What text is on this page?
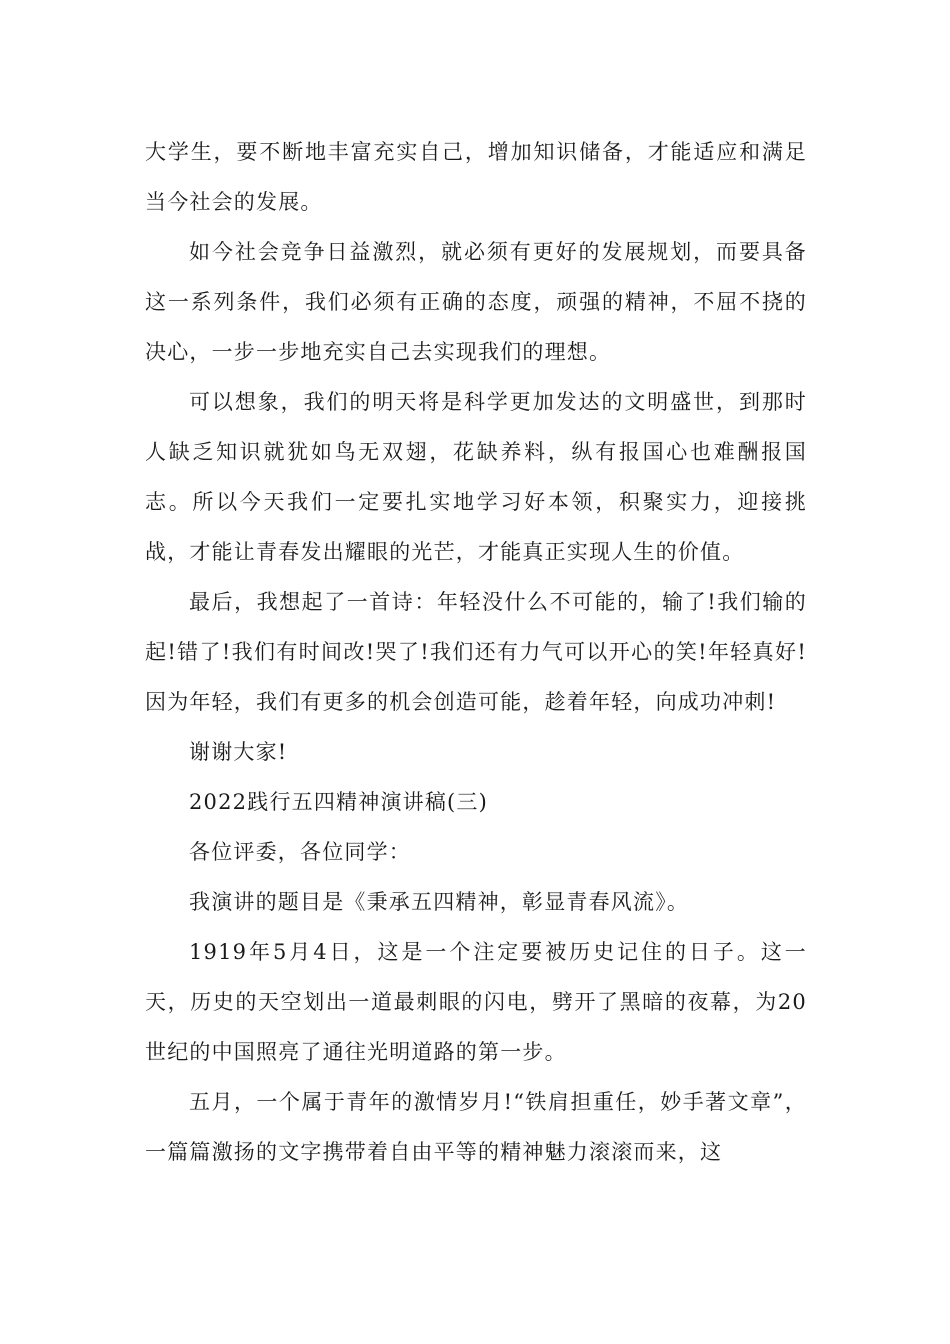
大学生，要不断地丰富充实自己，增加知识储备，才能适应和满足当今社会的发展。

如今社会竞争日益激烈，就必须有更好的发展规划，而要具备这一系列条件，我们必须有正确的态度，顽强的精神，不屈不挠的决心，一步一步地充实自己去实现我们的理想。

可以想象，我们的明天将是科学更加发达的文明盛世，到那时人缺乏知识就犹如鸟无双翅，花缺养料，纵有报国心也难酬报国志。所以今天我们一定要扎实地学习好本领，积聚实力，迎接挑战，才能让青春发出耀眼的光芒，才能真正实现人生的价值。

最后，我想起了一首诗：年轻没什么不可能的，输了!我们输的起!错了!我们有时间改!哭了!我们还有力气可以开心的笑!年轻真好!因为年轻，我们有更多的机会创造可能，趁着年轻，向成功冲刺!

谢谢大家!

2022践行五四精神演讲稿(三)

各位评委，各位同学：

我演讲的题目是《秉承五四精神，彰显青春风流》。

1919年5月4日，这是一个注定要被历史记住的日子。这一天，历史的天空划出一道最刺眼的闪电，劈开了黑暗的夜幕，为20世纪的中国照亮了通往光明道路的第一步。

五月，一个属于青年的激情岁月!“铁肩担重任，妙手著文章”，一篇篇激扬的文字携带着自由平等的精神魅力滚滚而来，这
